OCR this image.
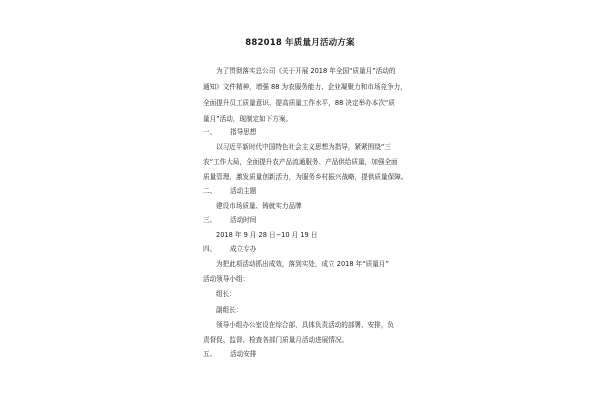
882018 年质量月活动方案
为了贯彻落实总公司《关于开展 2018 年全国“质量月”活动的
通知》文件精神，增强 88 为农服务能力、企业凝聚力和市场竞争力，
全面提升员工质量意识、提高质量工作水平，88 决定举办本次“质
量月”活动，现制定如下方案。
一、 指导思想
以习近平新时代中国特色社会主义思想为指导，紧紧围绕“三
农“工作大局，全面提升农产品流通服务、产品供给质量，加强全面
质量管理，激发质量创新活力，为服务乡村振兴战略，提供质量保障。
二、 活动主题
建设市场质量、铸就实力品牌
三、 活动时间
2018 年 9 月 28 日−10 月 19 日
四、 成立专办
为把此项活动抓出成效，落到实处，成立 2018 年“质量月”
活动领导小组：
组长：
副组长：
领导小组办公室设在综合部，具体负责活动的部署、安排，负
责督促、监督、检查各部门质量月活动进展情况。
五、 活动安排
